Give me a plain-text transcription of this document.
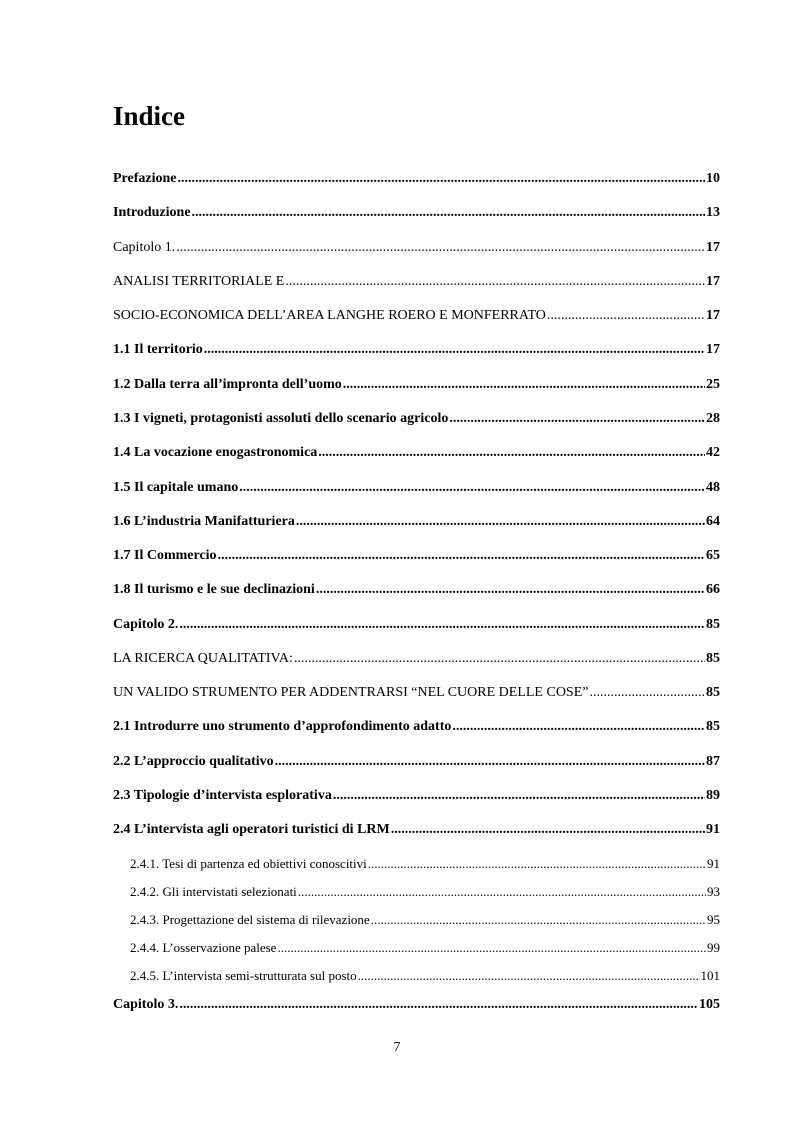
Indice
Prefazione .....	10
Introduzione .....	13
Capitolo 1. .....	17
ANALISI TERRITORIALE E .....	17
SOCIO-ECONOMICA DELL’AREA LANGHE ROERO E MONFERRATO .....	17
1.1 Il territorio .....	17
1.2 Dalla terra all’impronta dell’uomo .....	25
1.3 I vigneti, protagonisti assoluti dello scenario agricolo .....	28
1.4 La vocazione enogastronomica .....	42
1.5 Il capitale umano .....	48
1.6 L’industria Manifatturiera .....	64
1.7 Il Commercio .....	65
1.8 Il turismo e le sue declinazioni .....	66
Capitolo 2. .....	85
LA RICERCA QUALITATIVA: .....	85
UN VALIDO STRUMENTO PER ADDENTRARSI “NEL CUORE DELLE COSE” .....	85
2.1 Introdurre uno strumento d’approfondimento adatto .....	85
2.2 L’approccio qualitativo .....	87
2.3 Tipologie d’intervista esplorativa .....	89
2.4 L’intervista agli operatori turistici di LRM .....	91
2.4.1. Tesi di partenza ed obiettivi conoscitivi .....	91
2.4.2. Gli intervistati selezionati .....	93
2.4.3. Progettazione del sistema di rilevazione .....	95
2.4.4. L’osservazione palese .....	99
2.4.5. L’intervista semi-strutturata sul posto .....	101
Capitolo 3. .....	105
7
